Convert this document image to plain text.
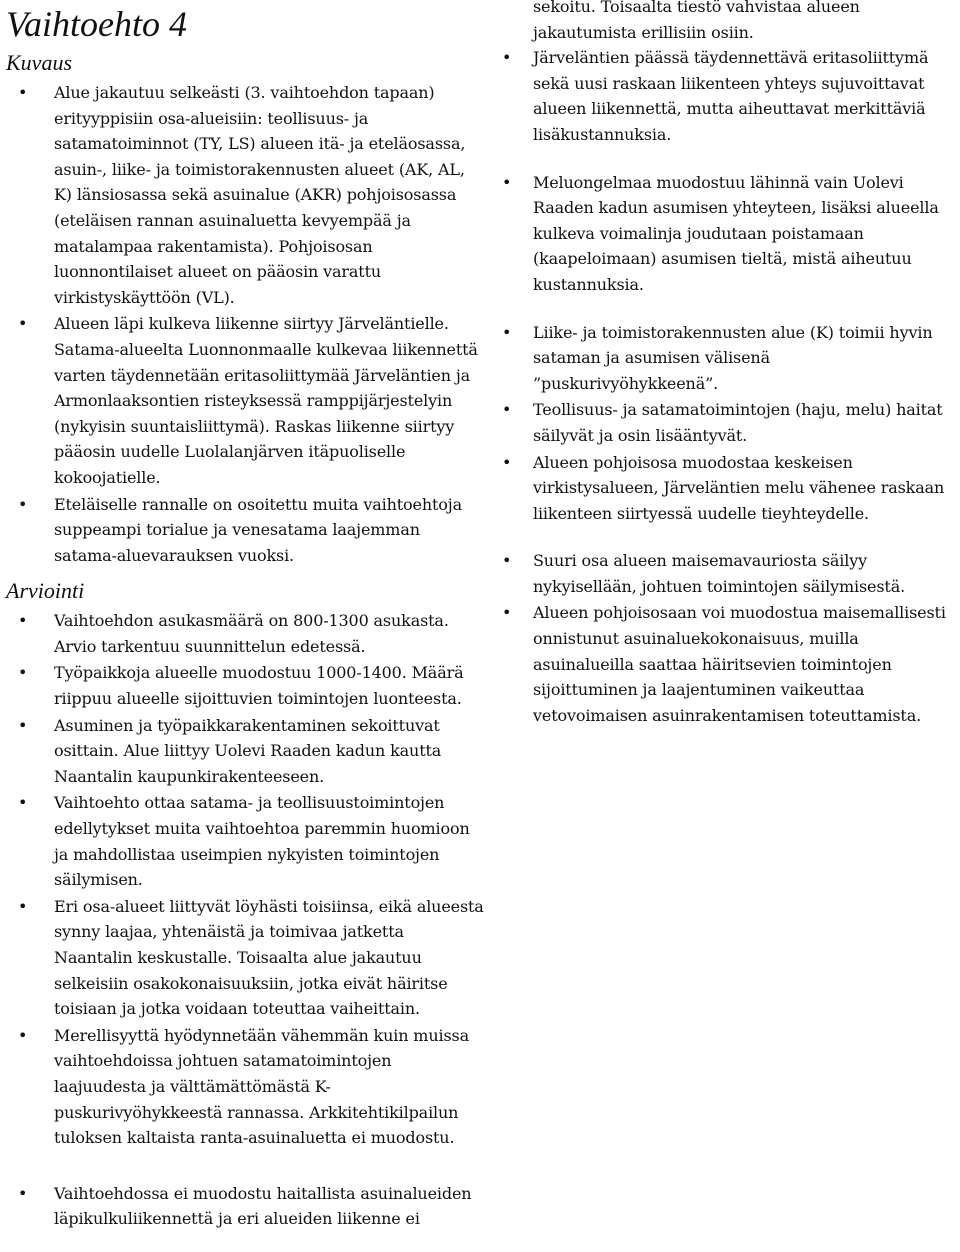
Vaihtoehto 4
Kuvaus
• Alue jakautuu selkeästi (3. vaihtoehdon tapaan) erityyppisiin osa-alueisiin: teollisuus- ja satamatoiminnot (TY, LS) alueen itä- ja eteläosassa, asuin-, liike- ja toimistorakennusten alueet (AK, AL, K) länsiosassa sekä asuinalue (AKR) pohjoisosassa (eteläisen rannan asuinaluetta kevyempää ja matalampaa rakentamista). Pohjoisosan luonnontilaiset alueet on pääosin varattu virkistyskäyttöön (VL).
• Alueen läpi kulkeva liikenne siirtyy Järveläntielle. Satama-alueelta Luonnonmaalle kulkevaa liikennettä varten täydennetään eritasoliittymää Järveläntien ja Armonlaaksontien risteyksessä ramppijärjestelyin (nykyisin suuntaisliittymä). Raskas liikenne siirtyy pääosin uudelle Luolalanjärven itäpuoliselle kokoojatielle.
• Eteläiselle rannalle on osoitettu muita vaihtoehtoja suppeampi torialue ja venesatama laajemman satama-aluevarauksen vuoksi.
Arviointi
• Vaihtoehdon asukasmäärä on 800-1300 asukasta. Arvio tarkentuu suunnittelun edetessä.
• Työpaikkoja alueelle muodostuu 1000-1400. Määrä riippuu alueelle sijoittuvien toimintojen luonteesta.
• Asuminen ja työpaikkarakentaminen sekoittuvat osittain. Alue liittyy Uolevi Raaden kadun kautta Naantalin kaupunkirakenteeseen.
• Vaihtoehto ottaa satama- ja teollisuustoimintojen edellytykset muita vaihtoehtoa paremmin huomioon ja mahdollistaa useimpien nykyisten toimintojen säilymisen.
• Eri osa-alueet liittyvät löyhästi toisiinsa, eikä alueesta synny laajaa, yhtenäistä ja toimivaa jatketta Naantalin keskustalle. Toisaalta alue jakautuu selkeisiin osakokonaisuuksiin, jotka eivät häiritse toisiaan ja jotka voidaan toteuttaa vaiheittain.
• Merellisyyttä hyödynnetään vähemmän kuin muissa vaihtoehdoissa johtuen satamatoimintojen laajuudesta ja välttämättömästä K-puskurivyöhykkeestä rannassa. Arkkitehtikilpailun tuloksen kaltaista ranta-asuinaluetta ei muodostu.
• Vaihtoehdossa ei muodostu haitallista asuinalueiden läpikulkuliikennettä ja eri alueiden liikenne ei
sekoitu. Toisaalta tiestö vahvistaa alueen jakautumista erillisiin osiin.
• Järveläntien päässä täydennettävä eritasoliittymä sekä uusi raskaan liikenteen yhteys sujuvoittavat alueen liikennettä, mutta aiheuttavat merkittäviä lisäkustannuksia.
• Meluongelmaa muodostuu lähinnä vain Uolevi Raaden kadun asumisen yhteyteen, lisäksi alueella kulkeva voimalinja joudutaan poistamaan (kaapeloimaan) asumisen tieltä, mistä aiheutuu kustannuksia.
• Liike- ja toimistorakennusten alue (K) toimii hyvin sataman ja asumisen välisenä ”puskurivyöhykkeenä”.
• Teollisuus- ja satamatoimintojen (haju, melu) haitat säilyvät ja osin lisääntyvät.
• Alueen pohjoisosa muodostaa keskeisen virkistysalueen, Järveläntien melu vähenee raskaan liikenteen siirtyessä uudelle tieyhteydelle.
• Suuri osa alueen maisemavauriosta säilyy nykyisellään, johtuen toimintojen säilymisestä.
• Alueen pohjoisosaan voi muodostua maisemallisesti onnistunut asuinaluekokonaisuus, muilla asuinalueilla saattaa häiritsevien toimintojen sijoittuminen ja laajentuminen vaikeuttaa vetovoimaisen asuinrakentamisen toteuttamista.
